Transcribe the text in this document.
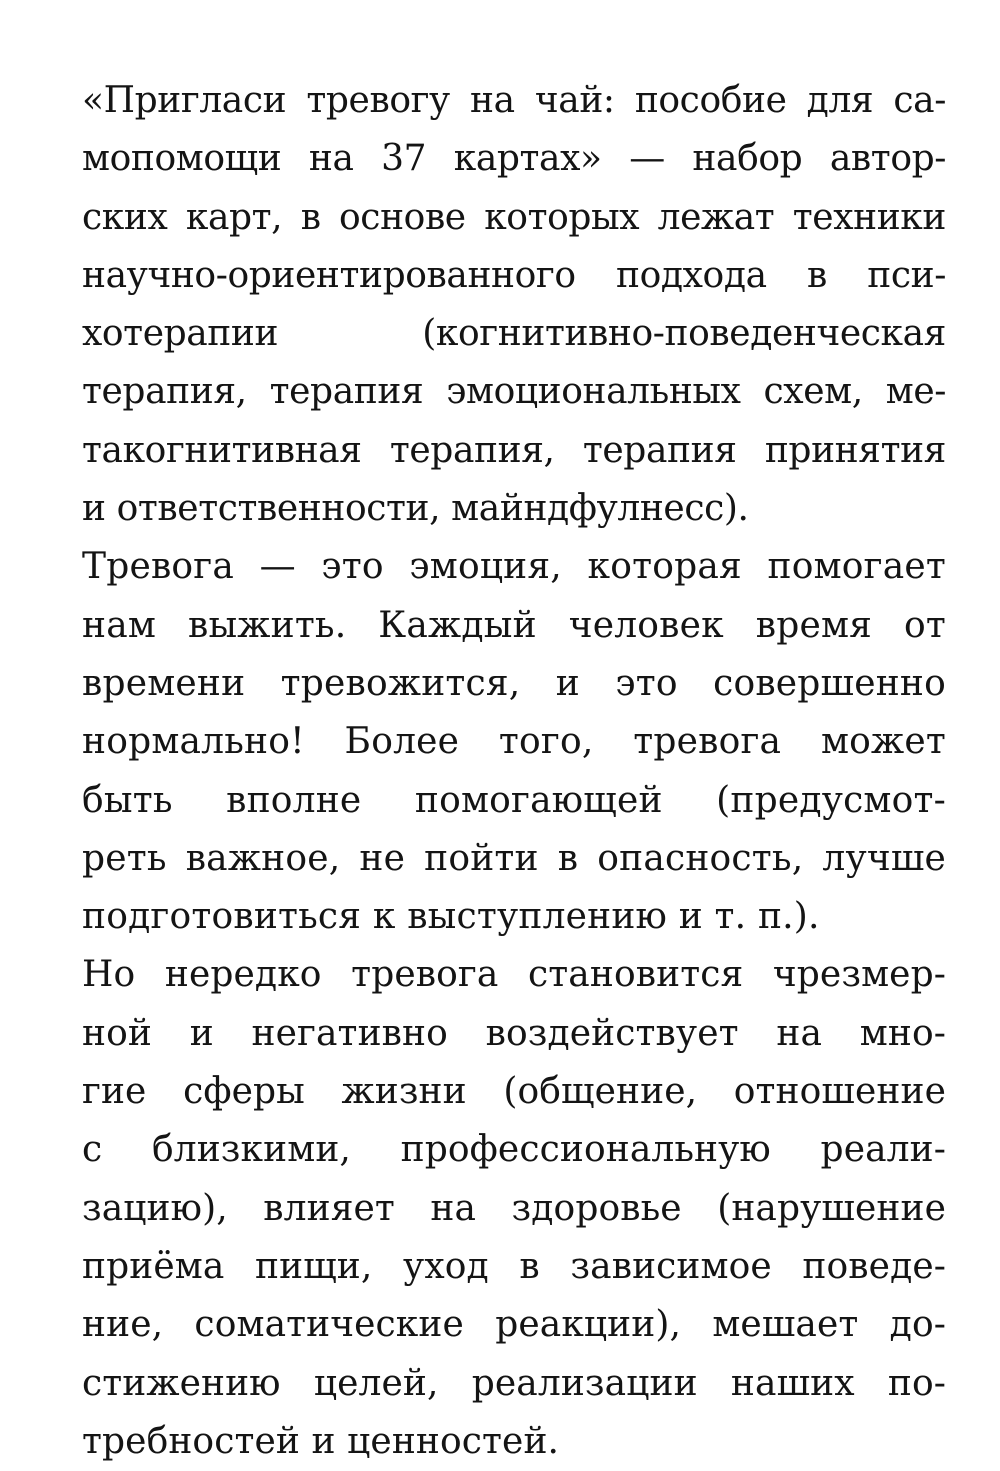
«Пригласи тревогу на чай: пособие для са-
мопомощи на 37 картах» — набор автор-
ских карт, в основе которых лежат техники
научно-ориентированного подхода в пси-
хотерапии (когнитивно-поведенческая
терапия, терапия эмоциональных схем, ме-
такогнитивная терапия, терапия принятия
и ответственности, майндфулнесс).
Тревога — это эмоция, которая помогает
нам выжить. Каждый человек время от
времени тревожится, и это совершенно
нормально! Более того, тревога может
быть вполне помогающей (предусмот-
реть важное, не пойти в опасность, лучше
подготовиться к выступлению и т. п.).
Но нередко тревога становится чрезмер-
ной и негативно воздействует на мно-
гие сферы жизни (общение, отношение
с близкими, профессиональную реали-
зацию), влияет на здоровье (нарушение
приёма пищи, уход в зависимое поведе-
ние, соматические реакции), мешает до-
стижению целей, реализации наших по-
требностей и ценностей.
